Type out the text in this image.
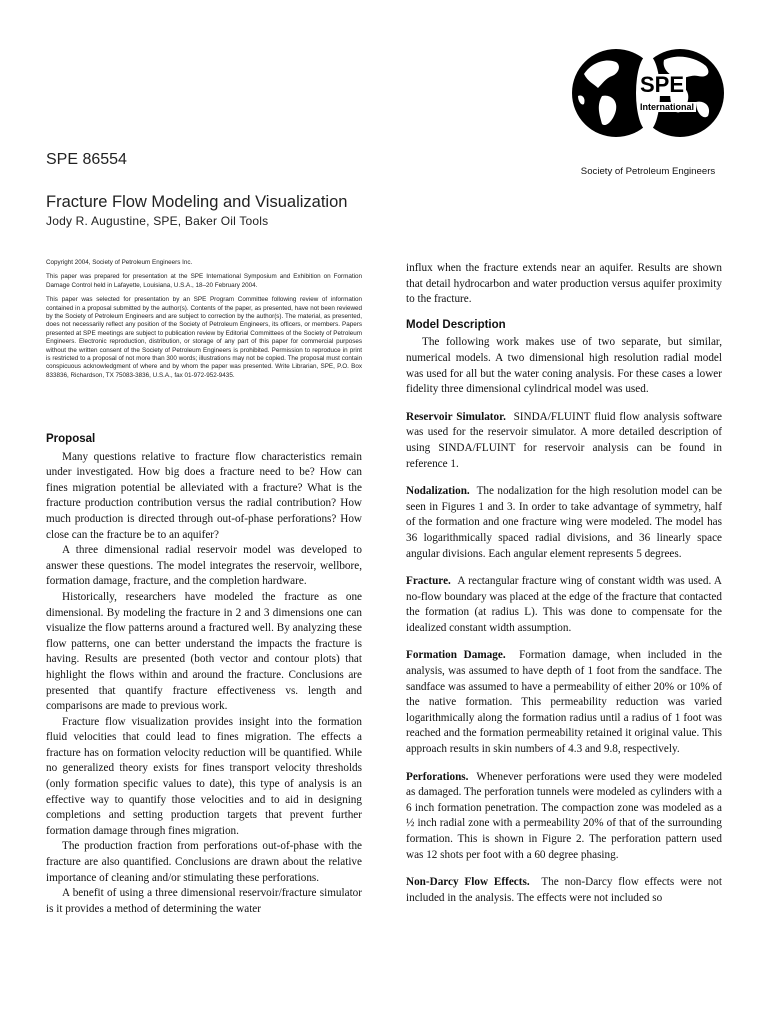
SPE International
Society of Petroleum Engineers
SPE 86554
Fracture Flow Modeling and Visualization
Jody R. Augustine, SPE, Baker Oil Tools

Copyright 2004, Society of Petroleum Engineers Inc.

This paper was prepared for presentation at the SPE International Symposium and Exhibition on Formation Damage Control held in Lafayette, Louisiana, U.S.A., 18–20 February 2004.

This paper was selected for presentation by an SPE Program Committee following review of information contained in a proposal submitted by the author(s). Contents of the paper, as presented, have not been reviewed by the Society of Petroleum Engineers and are subject to correction by the author(s). The material, as presented, does not necessarily reflect any position of the Society of Petroleum Engineers, its officers, or members. Papers presented at SPE meetings are subject to publication review by Editorial Committees of the Society of Petroleum Engineers. Electronic reproduction, distribution, or storage of any part of this paper for commercial purposes without the written consent of the Society of Petroleum Engineers is prohibited. Permission to reproduce in print is restricted to a proposal of not more than 300 words; illustrations may not be copied. The proposal must contain conspicuous acknowledgment of where and by whom the paper was presented. Write Librarian, SPE, P.O. Box 833836, Richardson, TX 75083-3836, U.S.A., fax 01-972-952-9435.

Proposal

Many questions relative to fracture flow characteristics remain under investigated. How big does a fracture need to be? How can fines migration potential be alleviated with a fracture? What is the fracture production contribution versus the radial contribution? How much production is directed through out-of-phase perforations? How close can the fracture be to an aquifer?

A three dimensional radial reservoir model was developed to answer these questions. The model integrates the reservoir, wellbore, formation damage, fracture, and the completion hardware.

Historically, researchers have modeled the fracture as one dimensional. By modeling the fracture in 2 and 3 dimensions one can visualize the flow patterns around a fractured well. By analyzing these flow patterns, one can better understand the impacts the fracture is having. Results are presented (both vector and contour plots) that highlight the flows within and around the fracture. Conclusions are presented that quantify fracture effectiveness vs. length and comparisons are made to previous work.

Fracture flow visualization provides insight into the formation fluid velocities that could lead to fines migration. The effects a fracture has on formation velocity reduction will be quantified. While no generalized theory exists for fines transport velocity thresholds (only formation specific values to date), this type of analysis is an effective way to quantify those velocities and to aid in designing completions and setting production targets that prevent further formation damage through fines migration.

The production fraction from perforations out-of-phase with the fracture are also quantified. Conclusions are drawn about the relative importance of cleaning and/or stimulating these perforations.

A benefit of using a three dimensional reservoir/fracture simulator is it provides a method of determining the water

influx when the fracture extends near an aquifer. Results are shown that detail hydrocarbon and water production versus aquifer proximity to the fracture.

Model Description

The following work makes use of two separate, but similar, numerical models. A two dimensional high resolution radial model was used for all but the water coning analysis. For these cases a lower fidelity three dimensional cylindrical model was used.

Reservoir Simulator. SINDA/FLUINT fluid flow analysis software was used for the reservoir simulator. A more detailed description of using SINDA/FLUINT for reservoir analysis can be found in reference 1.

Nodalization. The nodalization for the high resolution model can be seen in Figures 1 and 3. In order to take advantage of symmetry, half of the formation and one fracture wing were modeled. The model has 36 logarithmically spaced radial divisions, and 36 linearly space angular divisions. Each angular element represents 5 degrees.

Fracture. A rectangular fracture wing of constant width was used. A no-flow boundary was placed at the edge of the fracture that contacted the formation (at radius L). This was done to compensate for the idealized constant width assumption.

Formation Damage. Formation damage, when included in the analysis, was assumed to have depth of 1 foot from the sandface. The sandface was assumed to have a permeability of either 20% or 10% of the native formation. This permeability reduction was varied logarithmically along the formation radius until a radius of 1 foot was reached and the formation permeability retained it original value. This approach results in skin numbers of 4.3 and 9.8, respectively.

Perforations. Whenever perforations were used they were modeled as damaged. The perforation tunnels were modeled as cylinders with a 6 inch formation penetration. The compaction zone was modeled as a ½ inch radial zone with a permeability 20% of that of the surrounding formation. This is shown in Figure 2. The perforation pattern used was 12 shots per foot with a 60 degree phasing.

Non-Darcy Flow Effects. The non-Darcy flow effects were not included in the analysis. The effects were not included so
